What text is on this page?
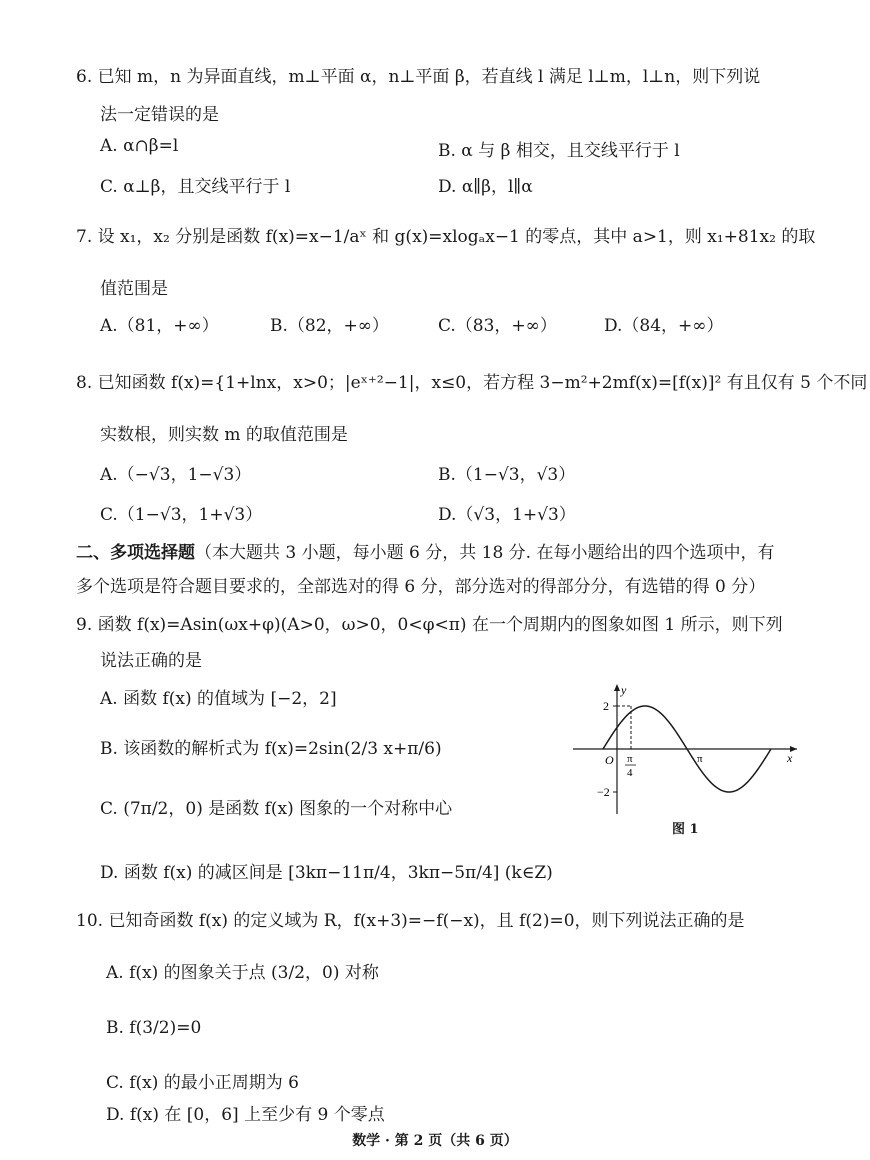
6. 已知 m，n 为异面直线，m⊥平面 α，n⊥平面 β，若直线 l 满足 l⊥m，l⊥n，则下列说
法一定错误的是
A. α∩β=l	B. α 与 β 相交，且交线平行于 l
C. α⊥β，且交线平行于 l	D. α∥β，l∥α
7. 设 x₁，x₂ 分别是函数 f(x)=x−1/aˣ 和 g(x)=xlogₐx−1 的零点，其中 a>1，则 x₁+81x₂ 的取
值范围是
A.（81，+∞）	B.（82，+∞）	C.（83，+∞）	D.（84，+∞）
8. 已知函数 f(x)={1+lnx，x>0；|eˣ⁺²−1|，x≤0，若方程 3−m²+2mf(x)=[f(x)]² 有且仅有 5 个不同
实数根，则实数 m 的取值范围是
A.（−√3，1−√3）	B.（1−√3，√3）
C.（1−√3，1+√3）	D.（√3，1+√3）
二、多项选择题（本大题共 3 小题，每小题 6 分，共 18 分. 在每小题给出的四个选项中，有
多个选项是符合题目要求的，全部选对的得 6 分，部分选对的得部分分，有选错的得 0 分）
9. 函数 f(x)=Asin(ωx+φ)(A>0，ω>0，0<φ<π) 在一个周期内的图象如图 1 所示，则下列
说法正确的是
A. 函数 f(x) 的值域为 [−2，2]
B. 该函数的解析式为 f(x)=2sin(2/3 x+π/6)
C. (7π/2，0) 是函数 f(x) 图象的一个对称中心
D. 函数 f(x) 的减区间是 [3kπ−11π/4，3kπ−5π/4] (k∈Z)
y
x
O
2
−2
π
4
π
图 1
10. 已知奇函数 f(x) 的定义域为 R，f(x+3)=−f(−x)，且 f(2)=0，则下列说法正确的是
A. f(x) 的图象关于点 (3/2，0) 对称
B. f(3/2)=0
C. f(x) 的最小正周期为 6
D. f(x) 在 [0，6] 上至少有 9 个零点
数学 · 第 2 页（共 6 页）
